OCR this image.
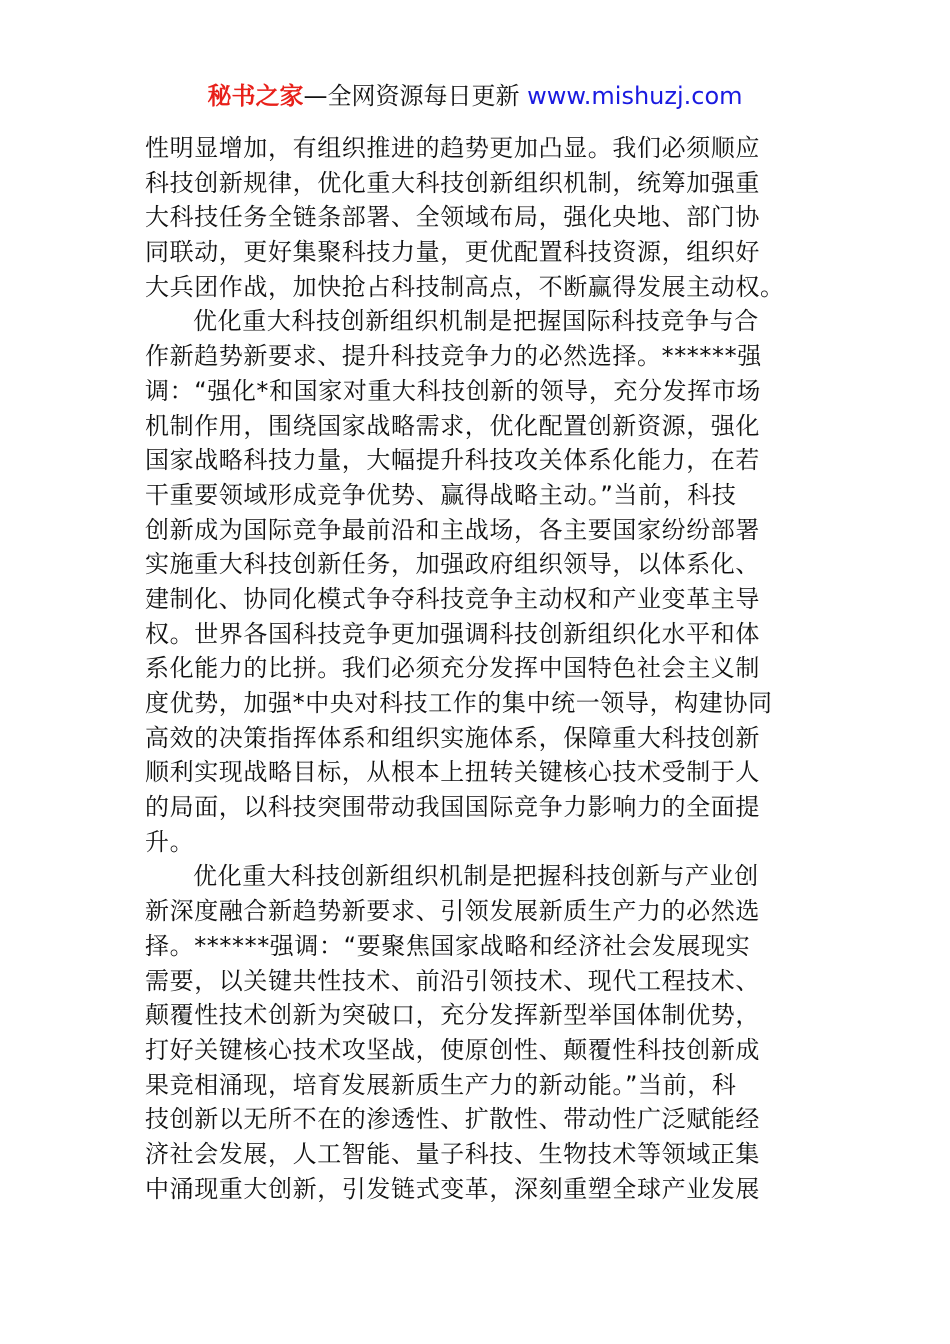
秘书之家—全网资源每日更新 www.mishuzj.com
性明显增加，有组织推进的趋势更加凸显。我们必须顺应
科技创新规律，优化重大科技创新组织机制，统筹加强重
大科技任务全链条部署、全领域布局，强化央地、部门协
同联动，更好集聚科技力量，更优配置科技资源，组织好
大兵团作战，加快抢占科技制高点，不断赢得发展主动权。
优化重大科技创新组织机制是把握国际科技竞争与合
作新趋势新要求、提升科技竞争力的必然选择。******强
调：“强化*和国家对重大科技创新的领导，充分发挥市场
机制作用，围绕国家战略需求，优化配置创新资源，强化
国家战略科技力量，大幅提升科技攻关体系化能力，在若
干重要领域形成竞争优势、赢得战略主动。”当前，科技
创新成为国际竞争最前沿和主战场，各主要国家纷纷部署
实施重大科技创新任务，加强政府组织领导，以体系化、
建制化、协同化模式争夺科技竞争主动权和产业变革主导
权。世界各国科技竞争更加强调科技创新组织化水平和体
系化能力的比拼。我们必须充分发挥中国特色社会主义制
度优势，加强*中央对科技工作的集中统一领导，构建协同
高效的决策指挥体系和组织实施体系，保障重大科技创新
顺利实现战略目标，从根本上扭转关键核心技术受制于人
的局面，以科技突围带动我国国际竞争力影响力的全面提
升。
优化重大科技创新组织机制是把握科技创新与产业创
新深度融合新趋势新要求、引领发展新质生产力的必然选
择。******强调：“要聚焦国家战略和经济社会发展现实
需要，以关键共性技术、前沿引领技术、现代工程技术、
颠覆性技术创新为突破口，充分发挥新型举国体制优势，
打好关键核心技术攻坚战，使原创性、颠覆性科技创新成
果竞相涌现，培育发展新质生产力的新动能。”当前，科
技创新以无所不在的渗透性、扩散性、带动性广泛赋能经
济社会发展，人工智能、量子科技、生物技术等领域正集
中涌现重大创新，引发链式变革，深刻重塑全球产业发展
